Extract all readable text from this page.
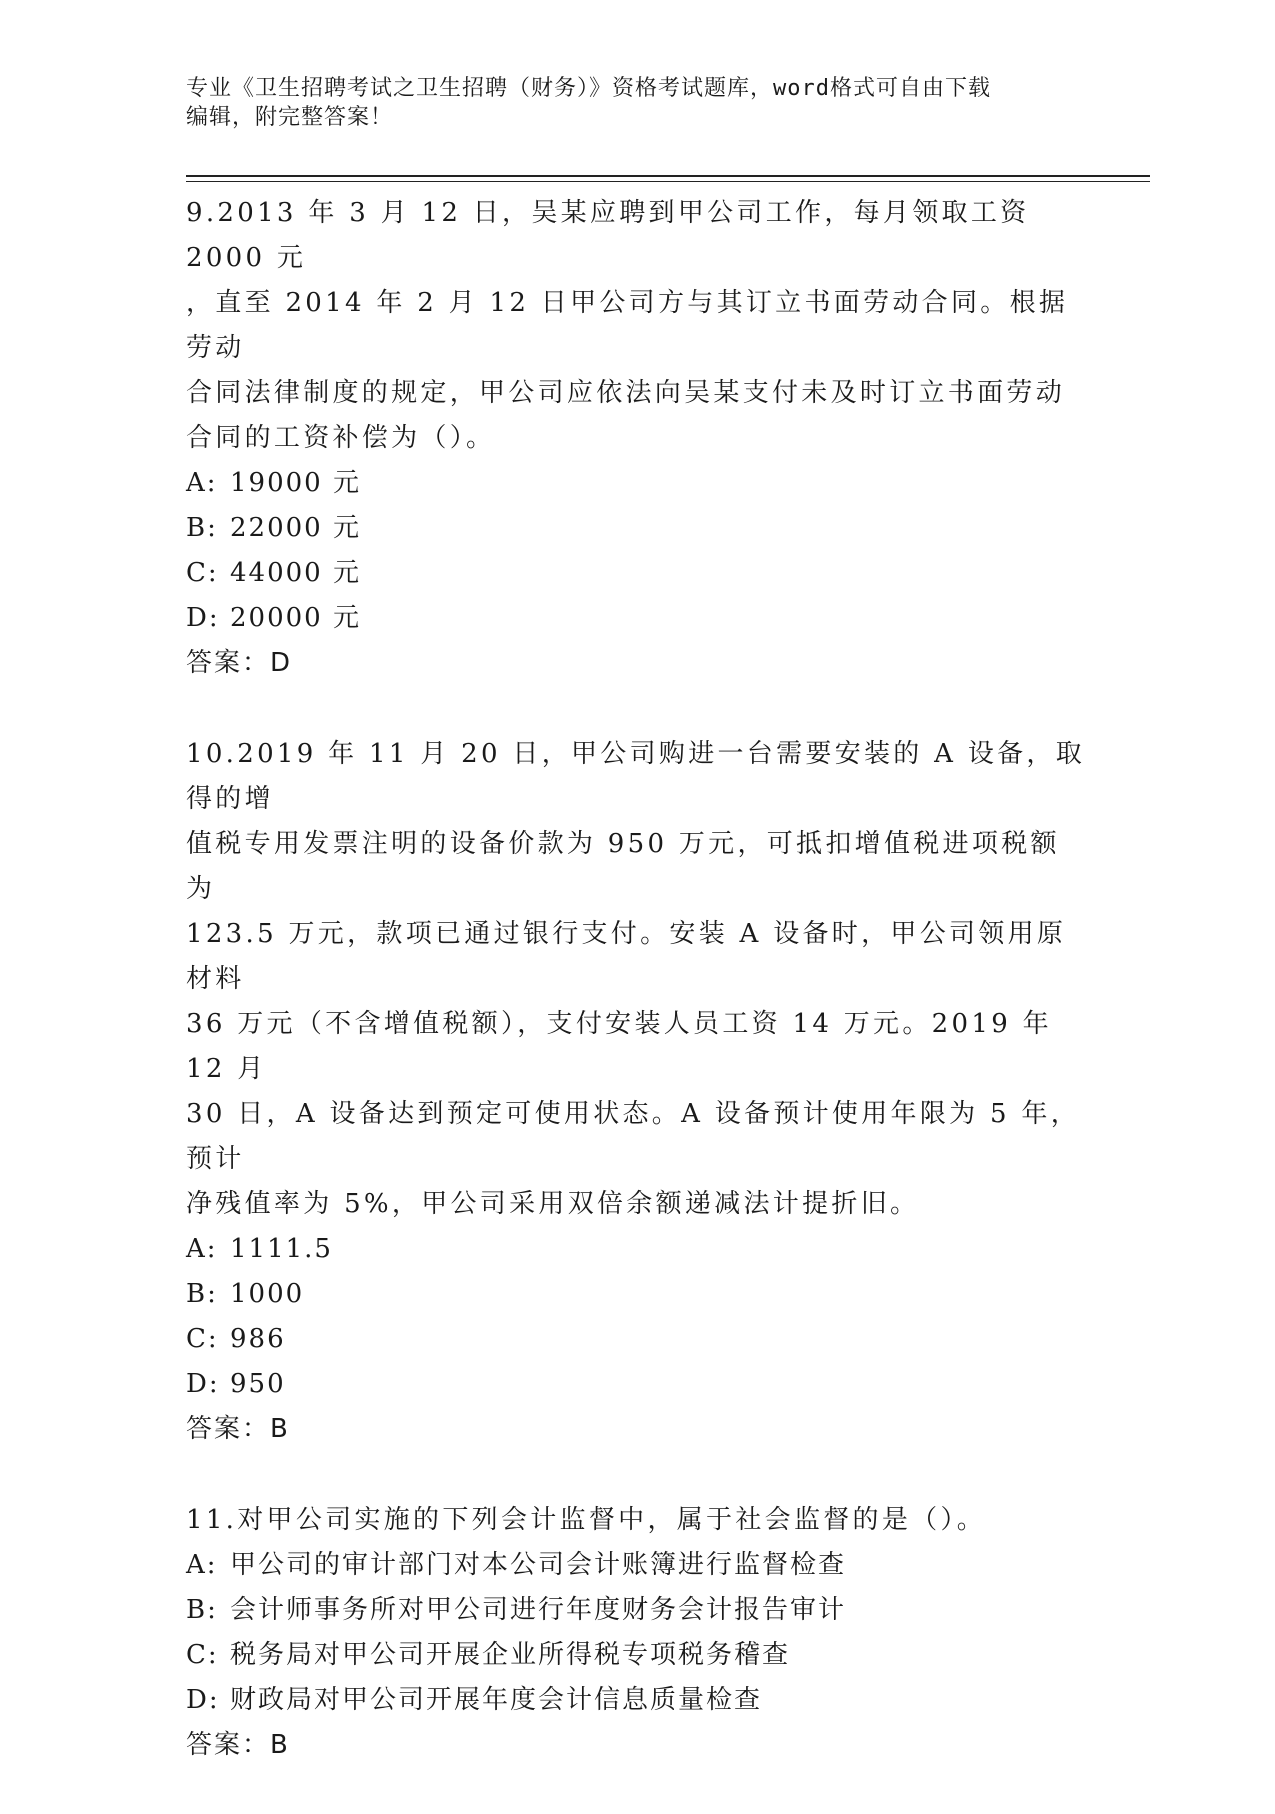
专业《卫生招聘考试之卫生招聘（财务）》资格考试题库，word格式可自由下载
编辑，附完整答案！

9.2013 年 3 月 12 日，吴某应聘到甲公司工作，每月领取工资 2000 元

，直至 2014 年 2 月 12 日甲公司方与其订立书面劳动合同。根据劳动

合同法律制度的规定，甲公司应依法向吴某支付未及时订立书面劳动

合同的工资补偿为（）。

A: 19000 元

B: 22000 元

C: 44000 元

D: 20000 元

答案：D

10.2019 年 11 月 20 日，甲公司购进一台需要安装的 A 设备，取得的增

值税专用发票注明的设备价款为 950 万元，可抵扣增值税进项税额为

123.5 万元，款项已通过银行支付。安装 A 设备时，甲公司领用原材料

36 万元（不含增值税额），支付安装人员工资 14 万元。2019 年 12 月

30 日，A 设备达到预定可使用状态。A 设备预计使用年限为 5 年，预计

净残值率为 5%，甲公司采用双倍余额递减法计提折旧。

A: 1111.5

B: 1000

C: 986

D: 950

答案：B

11.对甲公司实施的下列会计监督中，属于社会监督的是（）。

A: 甲公司的审计部门对本公司会计账簿进行监督检查

B: 会计师事务所对甲公司进行年度财务会计报告审计

C: 税务局对甲公司开展企业所得税专项税务稽查

D: 财政局对甲公司开展年度会计信息质量检查

答案：B
